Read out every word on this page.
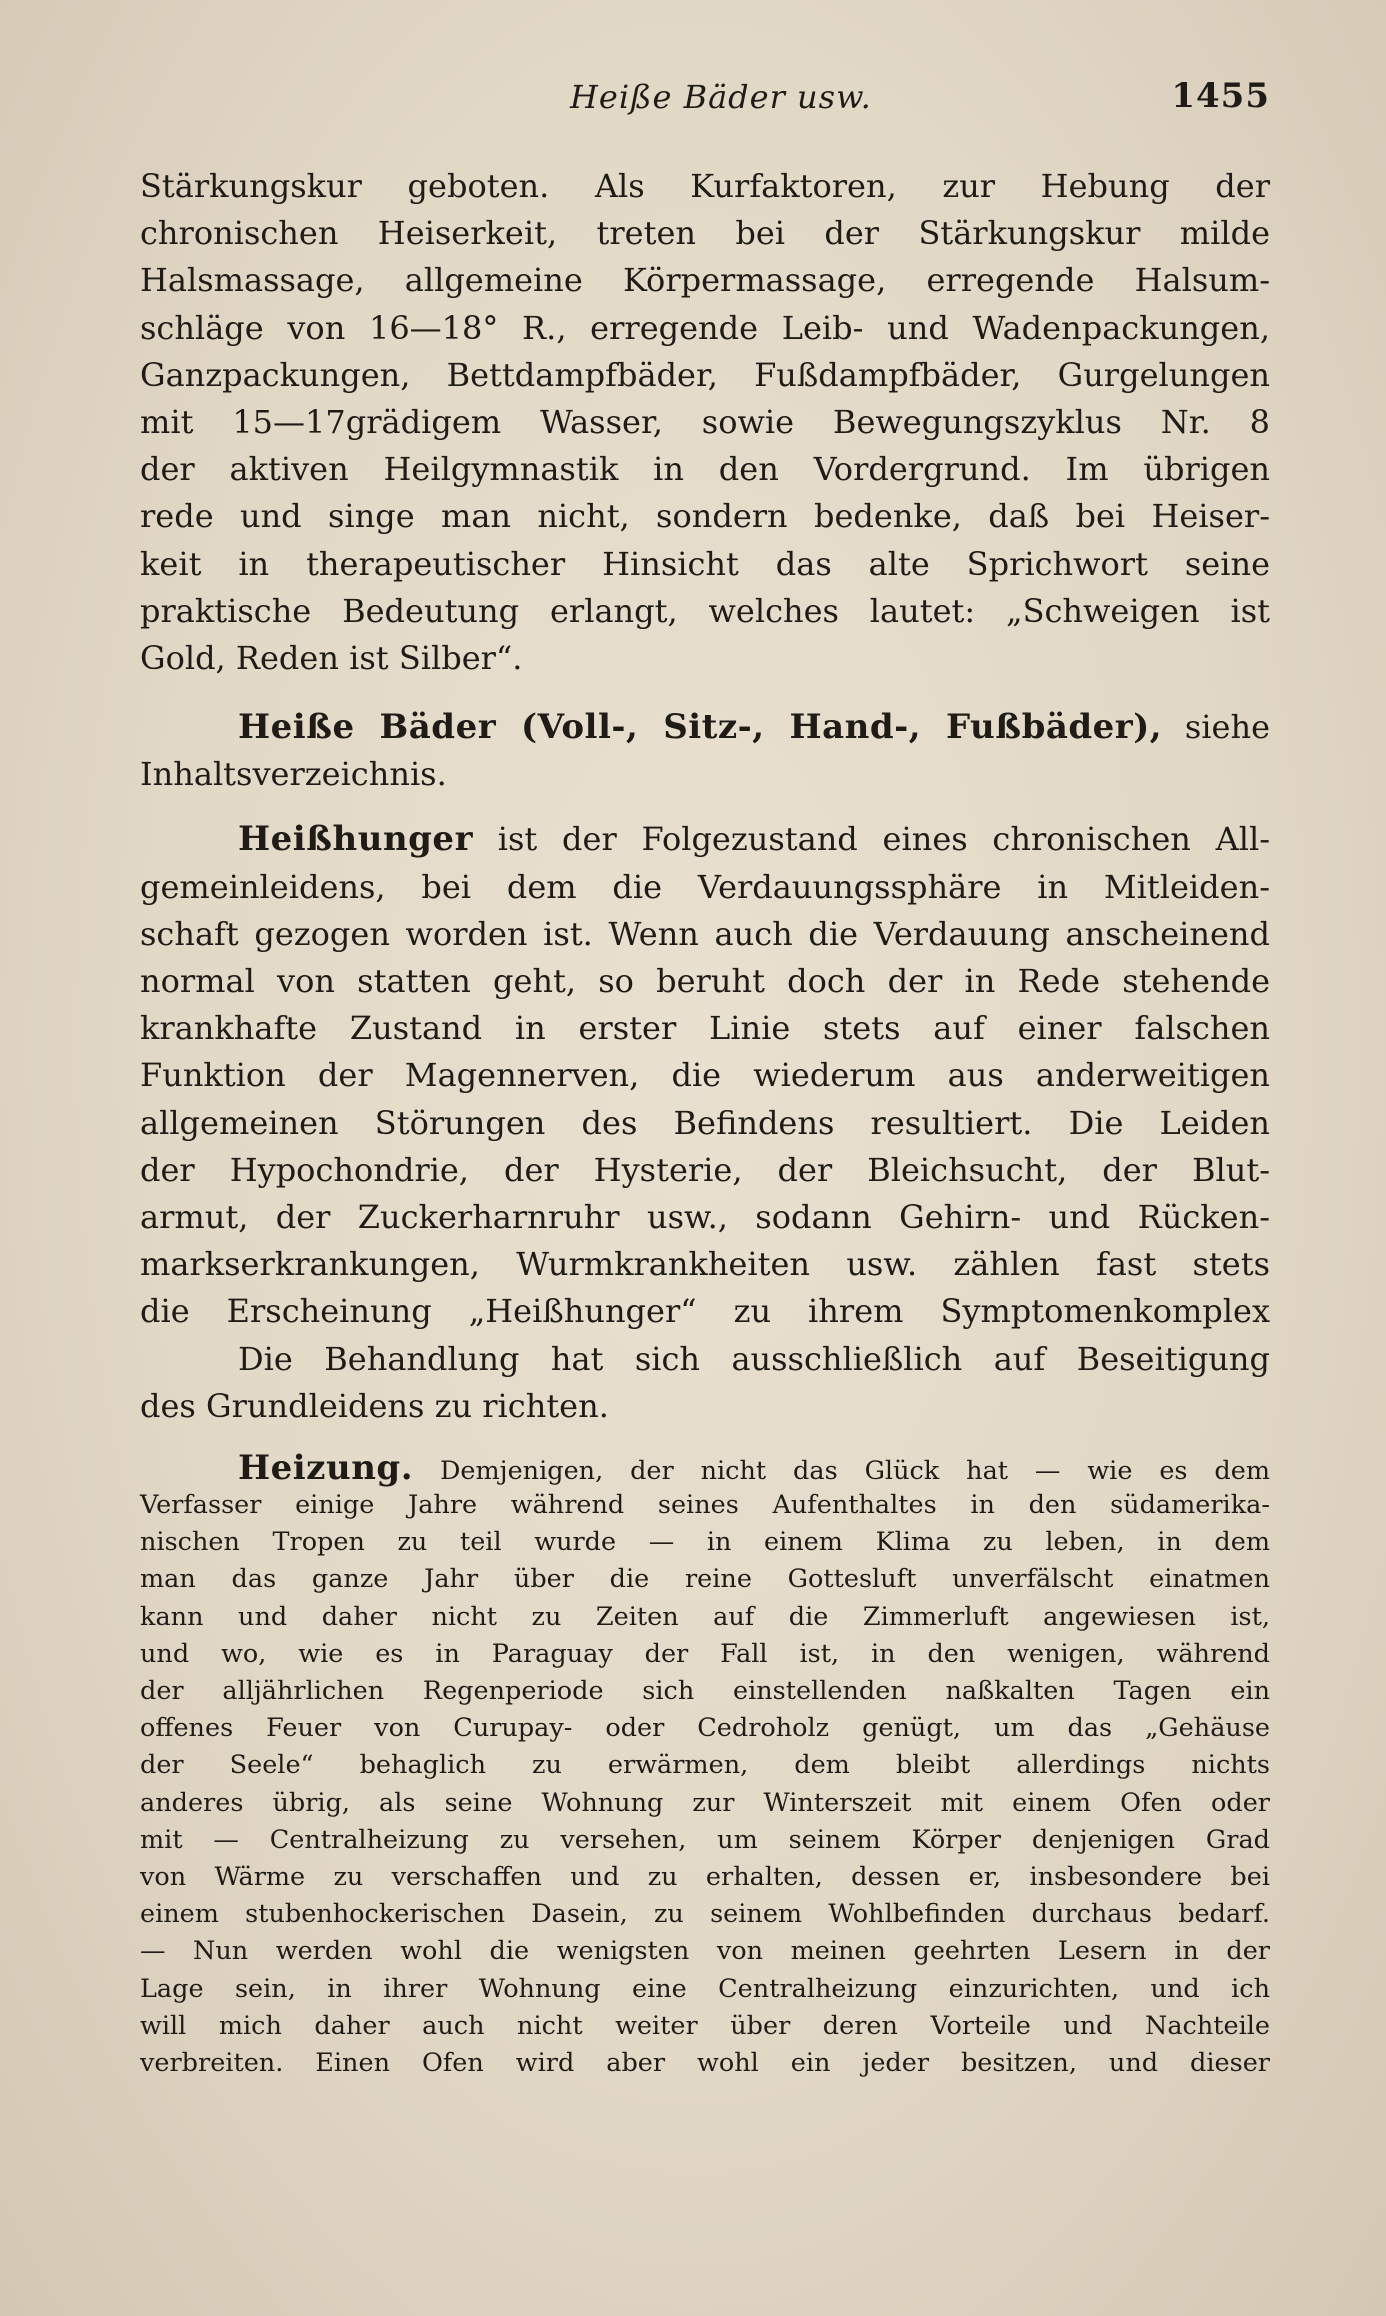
Heiße Bäder usw.	1455
Stärkungskur geboten. Als Kurfaktoren, zur Hebung der
chronischen Heiserkeit, treten bei der Stärkungskur milde
Halsmassage, allgemeine Körpermassage, erregende Halsum-
schläge von 16—18° R., erregende Leib- und Wadenpackungen,
Ganzpackungen, Bettdampfbäder, Fußdampfbäder, Gurgelungen
mit 15—17grädigem Wasser, sowie Bewegungszyklus Nr. 8
der aktiven Heilgymnastik in den Vordergrund. Im übrigen
rede und singe man nicht, sondern bedenke, daß bei Heiser-
keit in therapeutischer Hinsicht das alte Sprichwort seine
praktische Bedeutung erlangt, welches lautet: „Schweigen ist
Gold, Reden ist Silber“.
Heiße Bäder (Voll-, Sitz-, Hand-, Fußbäder), siehe
Inhaltsverzeichnis.
Heißhunger ist der Folgezustand eines chronischen All-
gemeinleidens, bei dem die Verdauungssphäre in Mitleiden-
schaft gezogen worden ist. Wenn auch die Verdauung anscheinend
normal von statten geht, so beruht doch der in Rede stehende
krankhafte Zustand in erster Linie stets auf einer falschen
Funktion der Magennerven, die wiederum aus anderweitigen
allgemeinen Störungen des Befindens resultiert. Die Leiden
der Hypochondrie, der Hysterie, der Bleichsucht, der Blut-
armut, der Zuckerharnruhr usw., sodann Gehirn- und Rücken-
markserkrankungen, Wurmkrankheiten usw. zählen fast stets
die Erscheinung „Heißhunger“ zu ihrem Symptomenkomplex
Die Behandlung hat sich ausschließlich auf Beseitigung
des Grundleidens zu richten.
Heizung. Demjenigen, der nicht das Glück hat — wie es dem
Verfasser einige Jahre während seines Aufenthaltes in den südamerika-
nischen Tropen zu teil wurde — in einem Klima zu leben, in dem
man das ganze Jahr über die reine Gottesluft unverfälscht einatmen
kann und daher nicht zu Zeiten auf die Zimmerluft angewiesen ist,
und wo, wie es in Paraguay der Fall ist, in den wenigen, während
der alljährlichen Regenperiode sich einstellenden naßkalten Tagen ein
offenes Feuer von Curupay- oder Cedroholz genügt, um das „Gehäuse
der Seele“ behaglich zu erwärmen, dem bleibt allerdings nichts
anderes übrig, als seine Wohnung zur Winterszeit mit einem Ofen oder
mit — Centralheizung zu versehen, um seinem Körper denjenigen Grad
von Wärme zu verschaffen und zu erhalten, dessen er, insbesondere bei
einem stubenhockerischen Dasein, zu seinem Wohlbefinden durchaus bedarf.
— Nun werden wohl die wenigsten von meinen geehrten Lesern in der
Lage sein, in ihrer Wohnung eine Centralheizung einzurichten, und ich
will mich daher auch nicht weiter über deren Vorteile und Nachteile
verbreiten. Einen Ofen wird aber wohl ein jeder besitzen, und dieser
